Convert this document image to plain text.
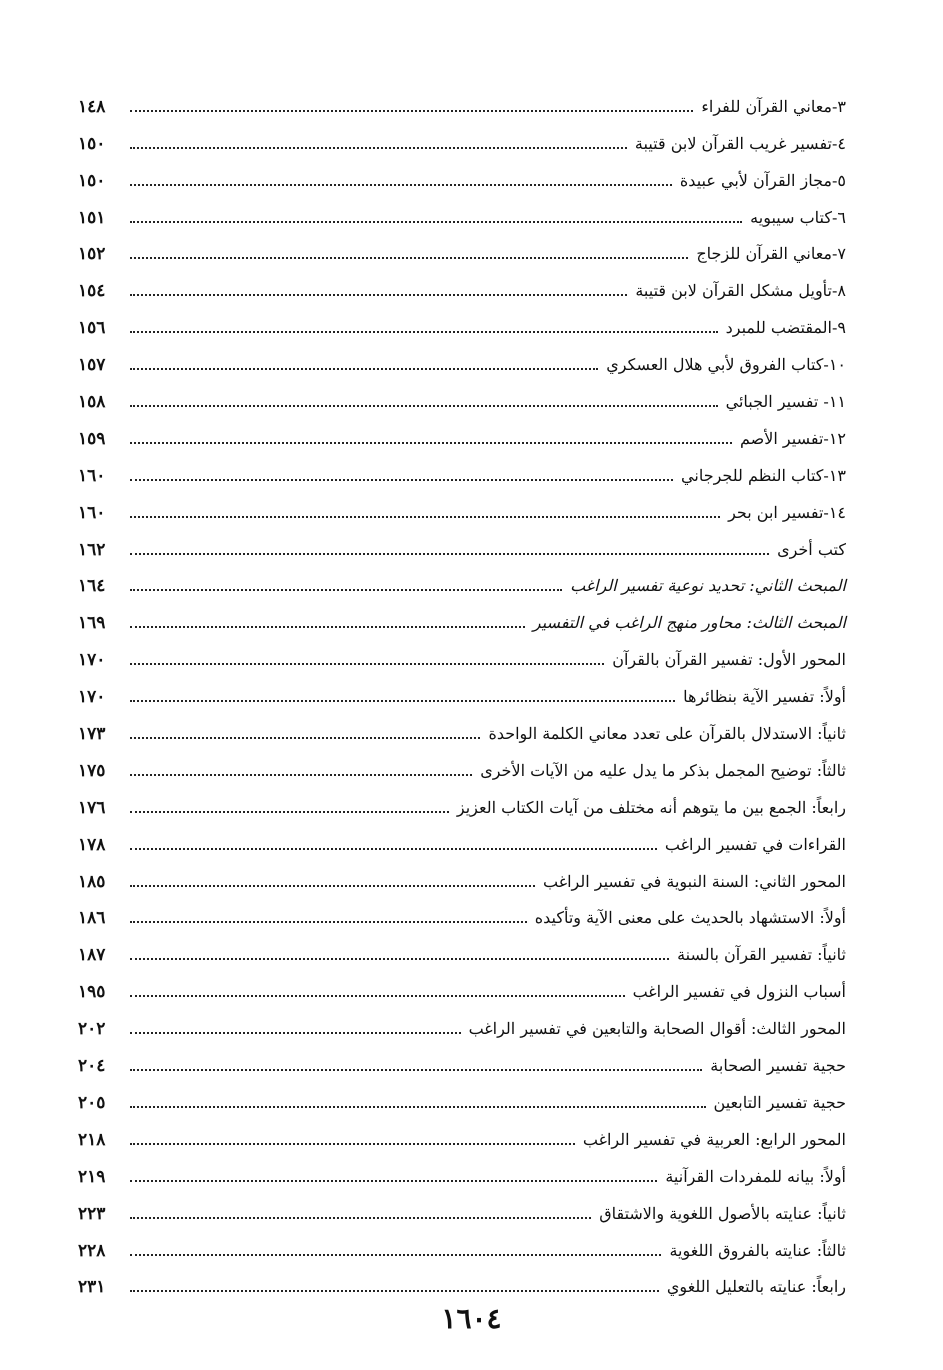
٣-معاني القرآن للفراء
١٤٨
٤-تفسير غريب القرآن لابن قتيبة
١٥٠
٥-مجاز القرآن لأبي عبيدة
١٥٠
٦-كتاب سيبويه
١٥١
٧-معاني القرآن للزجاج
١٥٢
٨-تأويل مشكل القرآن لابن قتيبة
١٥٤
٩-المقتضب للمبرد
١٥٦
١٠-كتاب الفروق لأبي هلال العسكري
١٥٧
١١- تفسير الجبائي
١٥٨
١٢-تفسير الأصم
١٥٩
١٣-كتاب النظم للجرجاني
١٦٠
١٤-تفسير ابن بحر
١٦٠
كتب أخرى
١٦٢
المبحث الثاني: تحديد نوعية تفسير الراغب
١٦٤
المبحث الثالث: محاور منهج الراغب في التفسير
١٦٩
المحور الأول: تفسير القرآن بالقرآن
١٧٠
أولاً: تفسير الآية بنظائرها
١٧٠
ثانياً: الاستدلال بالقرآن على تعدد معاني الكلمة الواحدة
١٧٣
ثالثاً: توضيح المجمل بذكر ما يدل عليه من الآيات الأخرى
١٧٥
رابعاً: الجمع بين ما يتوهم أنه مختلف من آيات الكتاب العزيز
١٧٦
القراءات في تفسير الراغب
١٧٨
المحور الثاني: السنة النبوية في تفسير الراغب
١٨٥
أولاً: الاستشهاد بالحديث على معنى الآية وتأكيده
١٨٦
ثانياً: تفسير القرآن بالسنة
١٨٧
أسباب النزول في تفسير الراغب
١٩٥
المحور الثالث: أقوال الصحابة والتابعين في تفسير الراغب
٢٠٢
حجية تفسير الصحابة
٢٠٤
حجية تفسير التابعين
٢٠٥
المحور الرابع: العربية في تفسير الراغب
٢١٨
أولاً: بيانه للمفردات القرآنية
٢١٩
ثانياً: عنايته بالأصول اللغوية والاشتقاق
٢٢٣
ثالثاً: عنايته بالفروق اللغوية
٢٢٨
رابعاً: عنايته بالتعليل اللغوي
٢٣١
١٦٠٤
